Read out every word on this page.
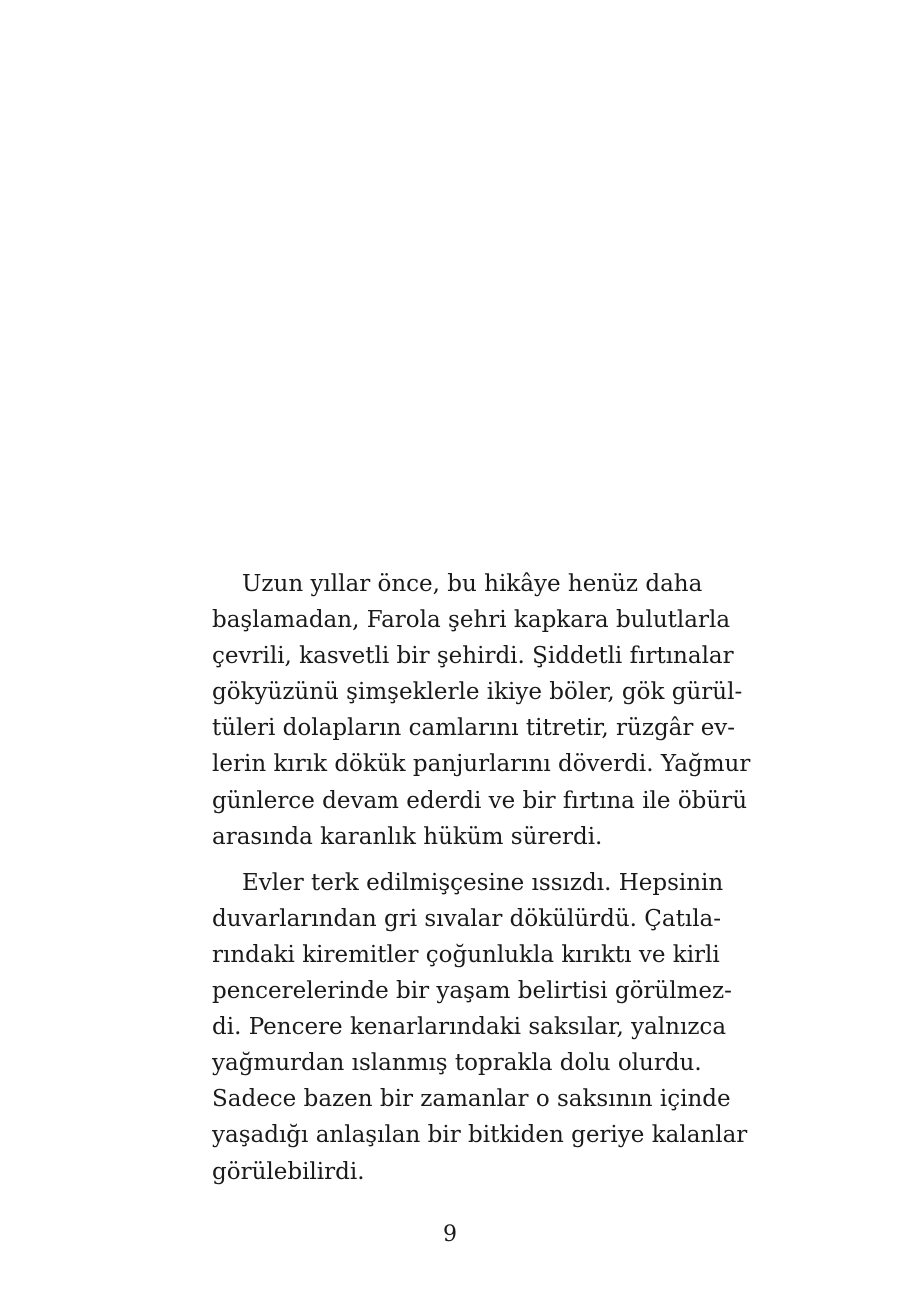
Uzun yıllar önce, bu hikâye henüz daha
başlamadan, Farola şehri kapkara bulutlarla
çevrili, kasvetli bir şehirdi. Şiddetli fırtınalar
gökyüzünü şimşeklerle ikiye böler, gök gürül-
tüleri dolapların camlarını titretir, rüzgâr ev-
lerin kırık dökük panjurlarını döverdi. Yağmur
günlerce devam ederdi ve bir fırtına ile öbürü
arasında karanlık hüküm sürerdi.
Evler terk edilmişçesine ıssızdı. Hepsinin
duvarlarından gri sıvalar dökülürdü. Çatıla-
rındaki kiremitler çoğunlukla kırıktı ve kirli
pencerelerinde bir yaşam belirtisi görülmez-
di. Pencere kenarlarındaki saksılar, yalnızca
yağmurdan ıslanmış toprakla dolu olurdu.
Sadece bazen bir zamanlar o saksının içinde
yaşadığı anlaşılan bir bitkiden geriye kalanlar
görülebilirdi.
9
